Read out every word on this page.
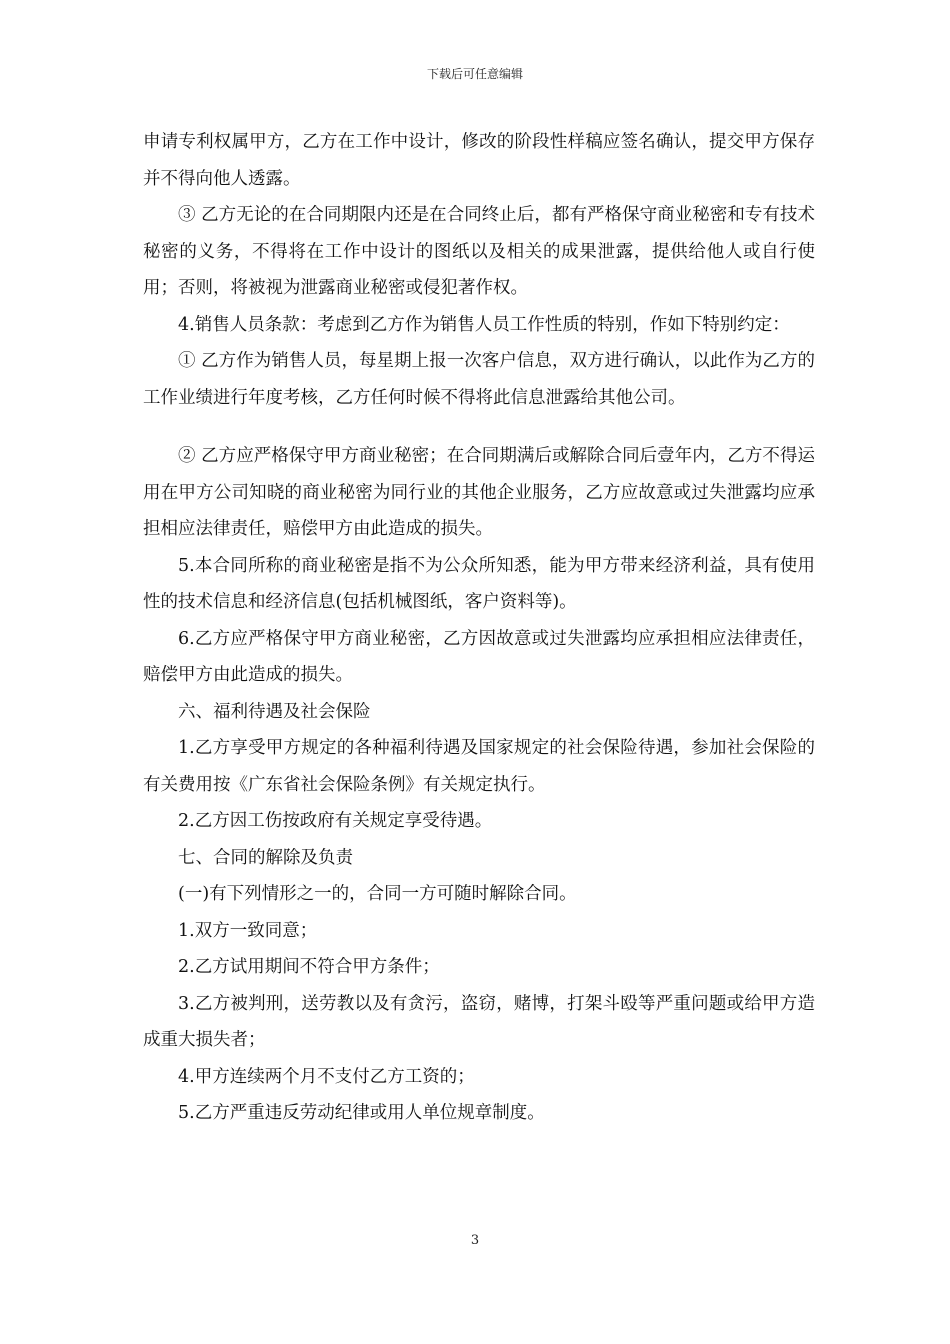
下载后可任意编辑

申请专利权属甲方，乙方在工作中设计，修改的阶段性样稿应签名确认，提交甲方保存并不得向他人透露。

③ 乙方无论的在合同期限内还是在合同终止后，都有严格保守商业秘密和专有技术秘密的义务，不得将在工作中设计的图纸以及相关的成果泄露，提供给他人或自行使用；否则，将被视为泄露商业秘密或侵犯著作权。

4.销售人员条款：考虑到乙方作为销售人员工作性质的特别，作如下特别约定：

① 乙方作为销售人员，每星期上报一次客户信息，双方进行确认，以此作为乙方的工作业绩进行年度考核，乙方任何时候不得将此信息泄露给其他公司。

② 乙方应严格保守甲方商业秘密；在合同期满后或解除合同后壹年内，乙方不得运用在甲方公司知晓的商业秘密为同行业的其他企业服务，乙方应故意或过失泄露均应承担相应法律责任，赔偿甲方由此造成的损失。

5.本合同所称的商业秘密是指不为公众所知悉，能为甲方带来经济利益，具有使用性的技术信息和经济信息(包括机械图纸，客户资料等)。

6.乙方应严格保守甲方商业秘密，乙方因故意或过失泄露均应承担相应法律责任，赔偿甲方由此造成的损失。

六、福利待遇及社会保险

1.乙方享受甲方规定的各种福利待遇及国家规定的社会保险待遇，参加社会保险的有关费用按《广东省社会保险条例》有关规定执行。

2.乙方因工伤按政府有关规定享受待遇。

七、合同的解除及负责

(一)有下列情形之一的，合同一方可随时解除合同。

1.双方一致同意；

2.乙方试用期间不符合甲方条件；

3.乙方被判刑，送劳教以及有贪污，盗窃，赌博，打架斗殴等严重问题或给甲方造成重大损失者；

4.甲方连续两个月不支付乙方工资的；

5.乙方严重违反劳动纪律或用人单位规章制度。

3
